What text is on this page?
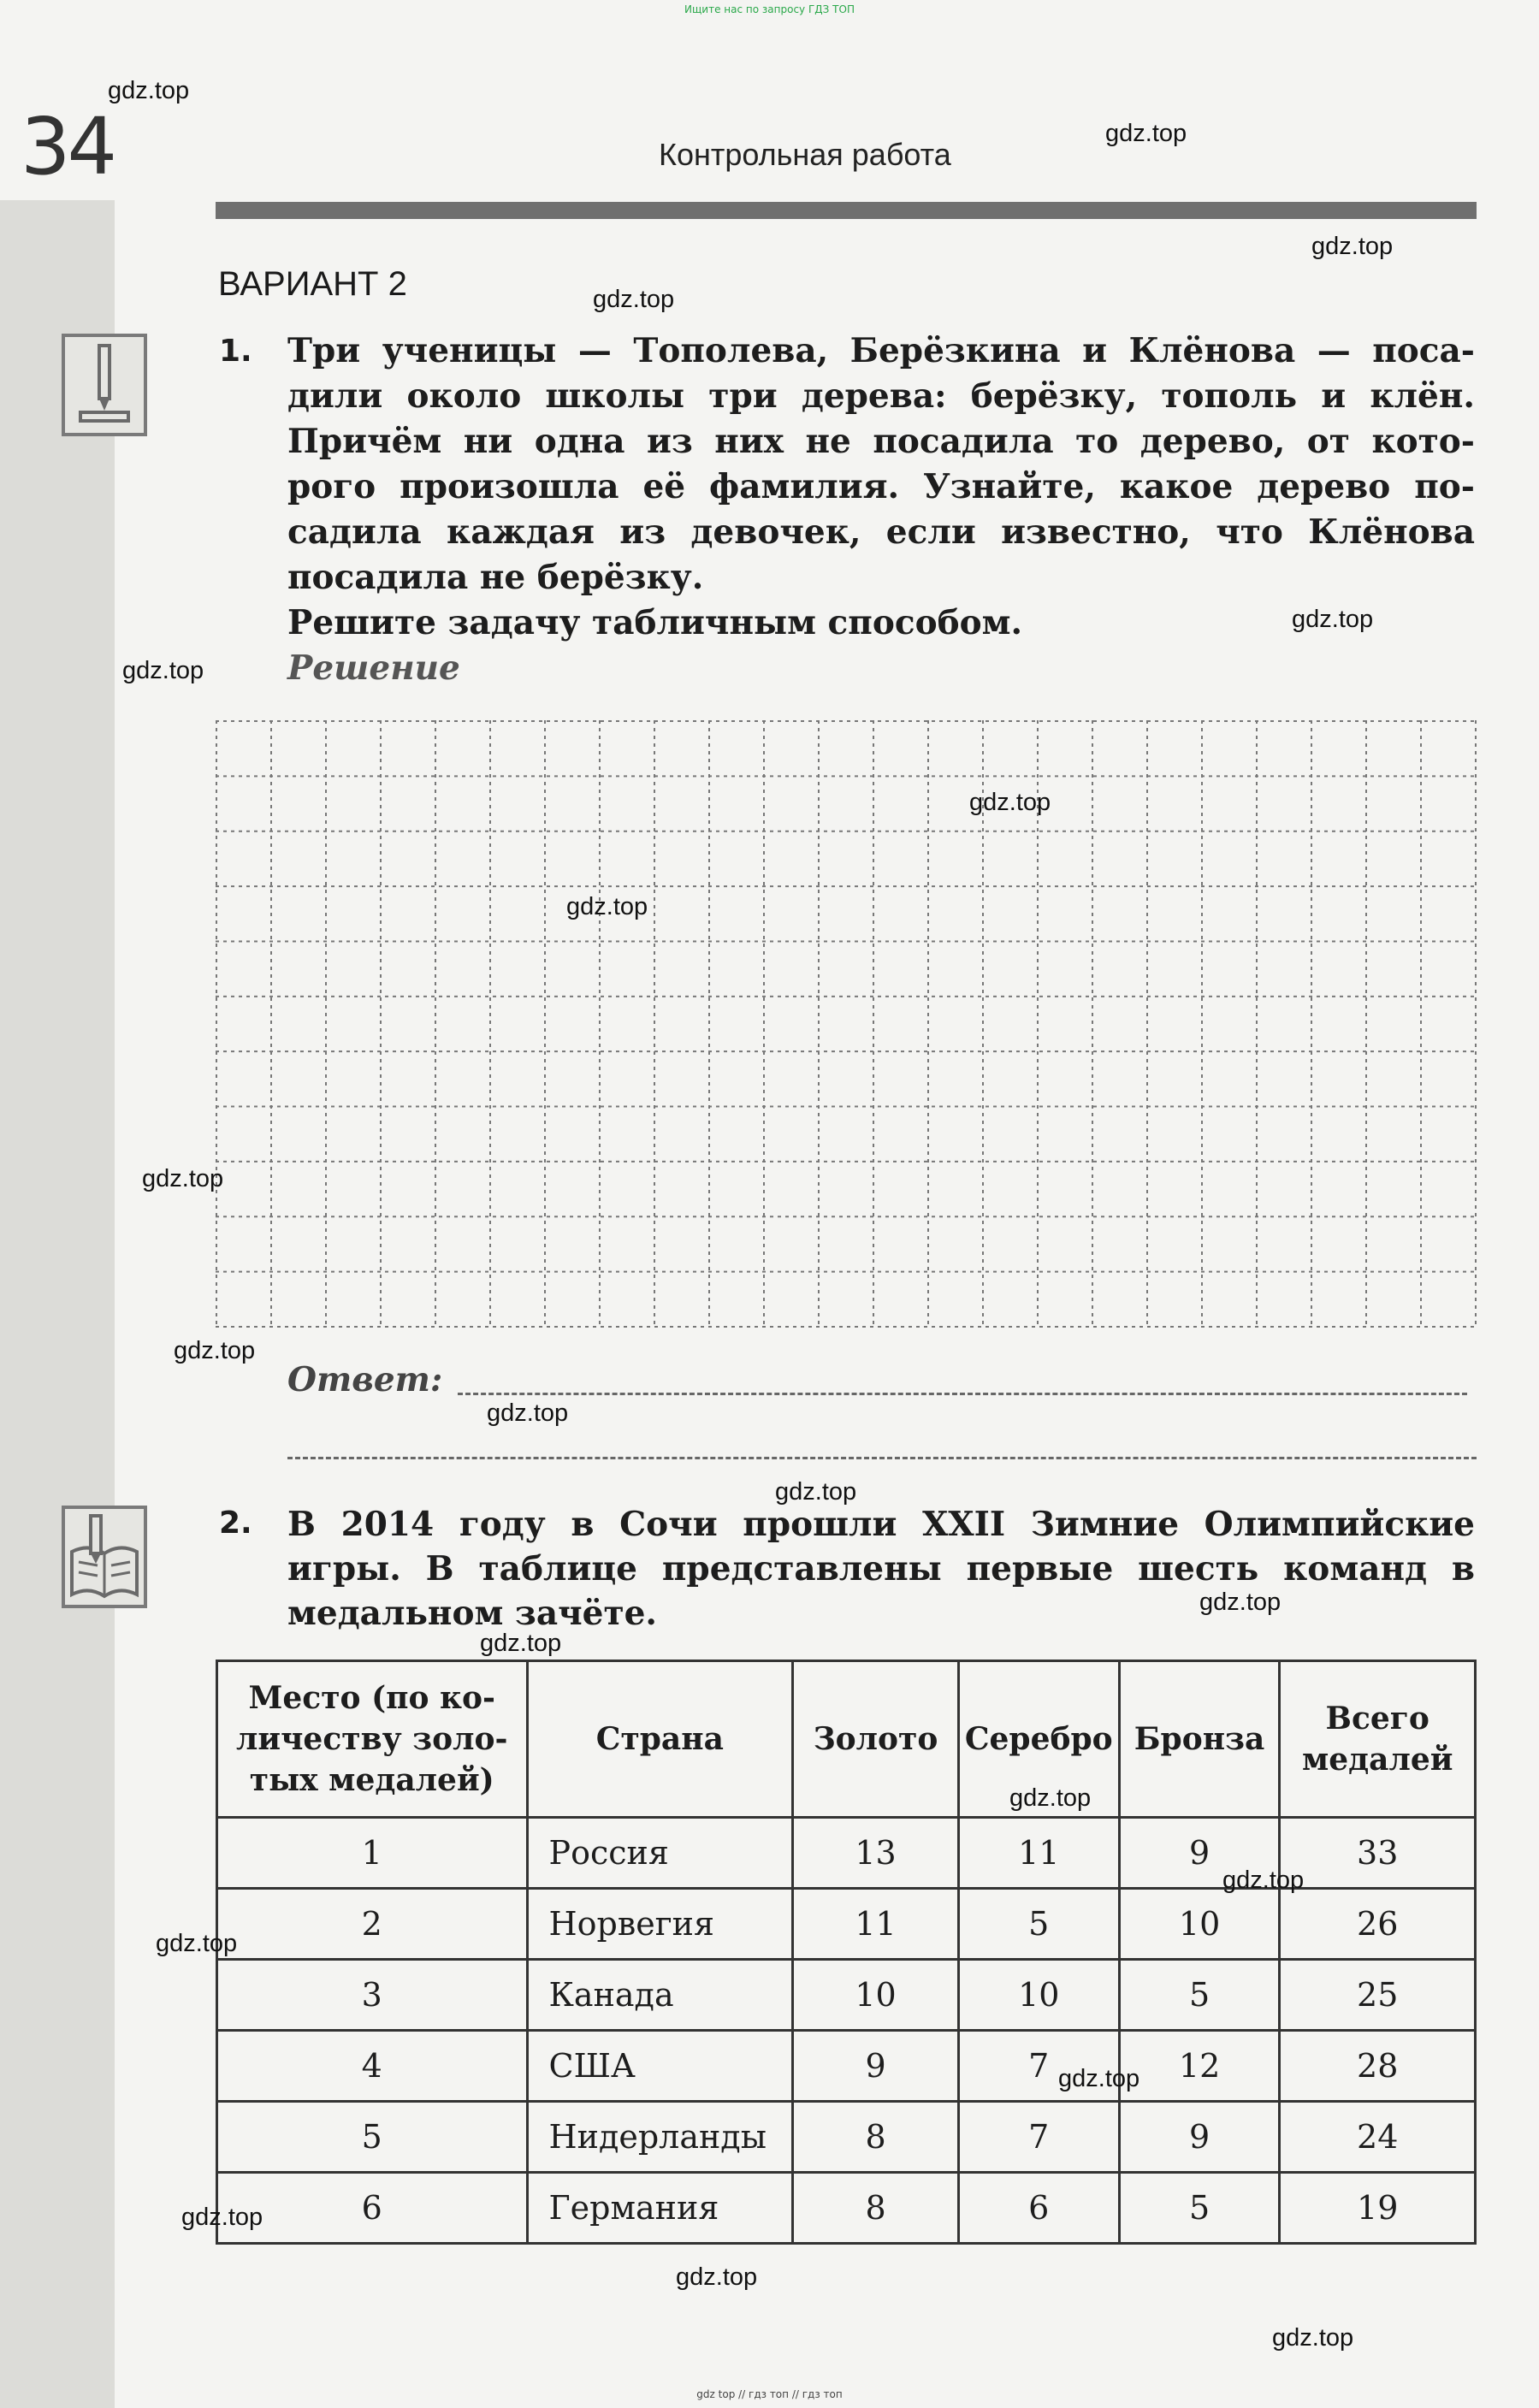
Ищите нас по запросу ГДЗ ТОП
34	Контрольная работа
ВАРИАНТ 2
1. Три ученицы — Тополева, Берёзкина и Клёнова — поса-
дили около школы три дерева: берёзку, тополь и клён.
Причём ни одна из них не посадила то дерево, от кото-
рого произошла её фамилия. Узнайте, какое дерево по-
садила каждая из девочек, если известно, что Клёнова
посадила не берёзку.
Решите задачу табличным способом.
Решение
Ответ:
2. В 2014 году в Сочи прошли XXII Зимние Олимпийские
игры. В таблице представлены первые шесть команд в
медальном зачёте.
Место (по ко-
личеству золо-
тых медалей)	Страна	Золото	Серебро	Бронза	Всего
медалей
1	Россия	13	11	9	33
2	Норвегия	11	5	10	26
3	Канада	10	10	5	25
4	США	9	7	12	28
5	Нидерланды	8	7	9	24
6	Германия	8	6	5	19
gdz.top
gdz.top
gdz.top
gdz.top
gdz.top
gdz.top
gdz.top
gdz.top
gdz.top
gdz.top
gdz.top
gdz.top
gdz.top
gdz.top
gdz.top
gdz.top
gdz.top
gdz.top
gdz.top
gdz.top
gdz.top
gdz top // гдз топ // гдз топ
